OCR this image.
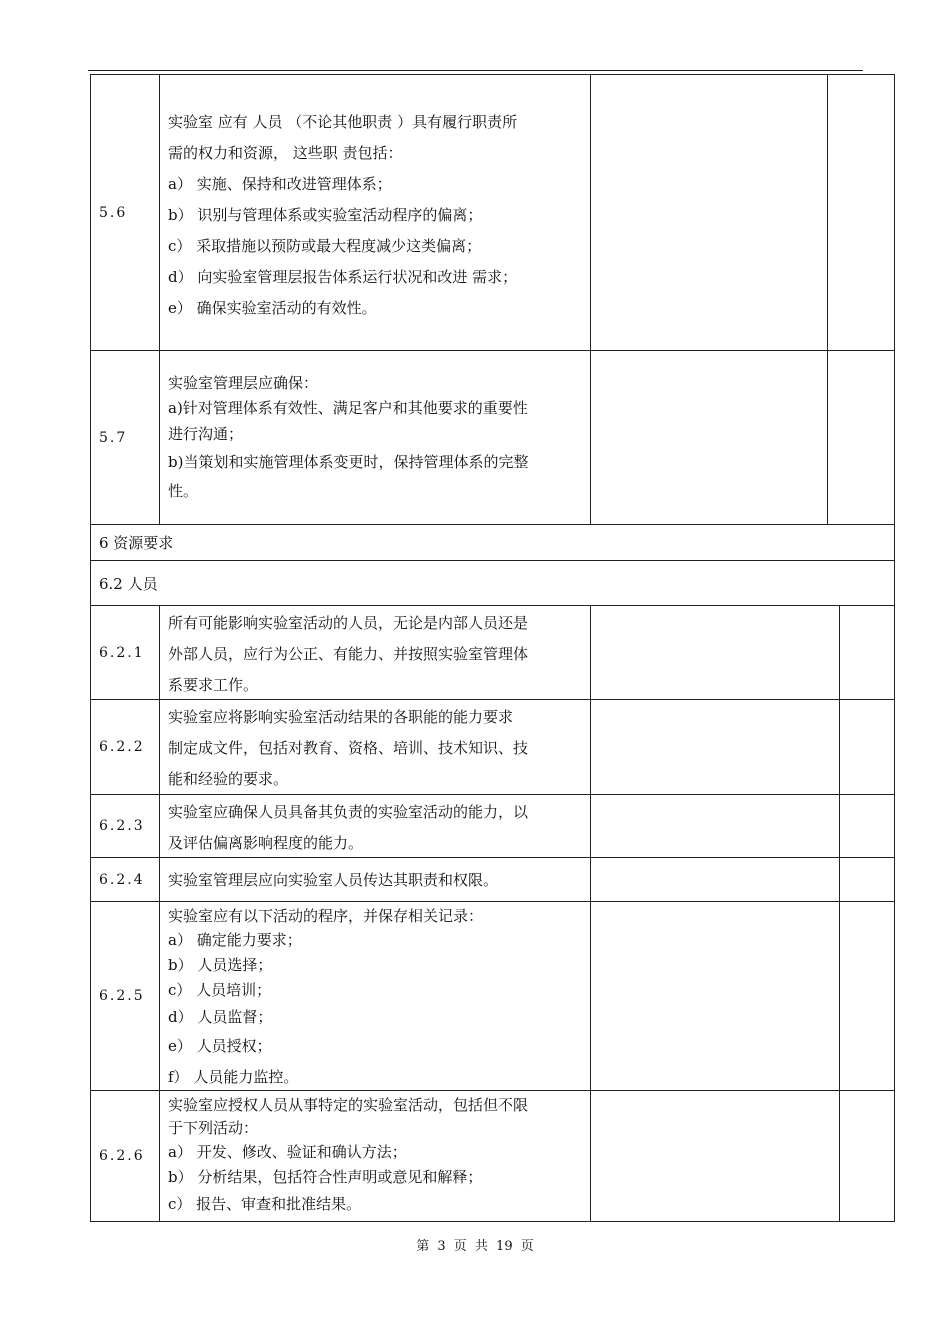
5.6
实验室 应有 人员 （不论其他职责 ）具有履行职责所
需的权力和资源， 这些职 责包括：
a） 实施、保持和改进管理体系；
b） 识别与管理体系或实验室活动程序的偏离；
c） 采取措施以预防或最大程度减少这类偏离；
d） 向实验室管理层报告体系运行状况和改进 需求；
e） 确保实验室活动的有效性。
5.7
实验室管理层应确保：
a)针对管理体系有效性、满足客户和其他要求的重要性
进行沟通；
b)当策划和实施管理体系变更时，保持管理体系的完整
性。
6 资源要求
6.2 人员
6.2.1
所有可能影响实验室活动的人员，无论是内部人员还是
外部人员，应行为公正、有能力、并按照实验室管理体
系要求工作。
6.2.2
实验室应将影响实验室活动结果的各职能的能力要求
制定成文件，包括对教育、资格、培训、技术知识、技
能和经验的要求。
6.2.3
实验室应确保人员具备其负责的实验室活动的能力，以
及评估偏离影响程度的能力。
6.2.4	实验室管理层应向实验室人员传达其职责和权限。
6.2.5
实验室应有以下活动的程序，并保存相关记录：
a） 确定能力要求；
b） 人员选择；
c） 人员培训；
d） 人员监督；
e） 人员授权；
f） 人员能力监控。
6.2.6
实验室应授权人员从事特定的实验室活动，包括但不限
于下列活动：
a） 开发、修改、验证和确认方法；
b） 分析结果，包括符合性声明或意见和解释；
c） 报告、审查和批准结果。
第 3 页 共 19 页
